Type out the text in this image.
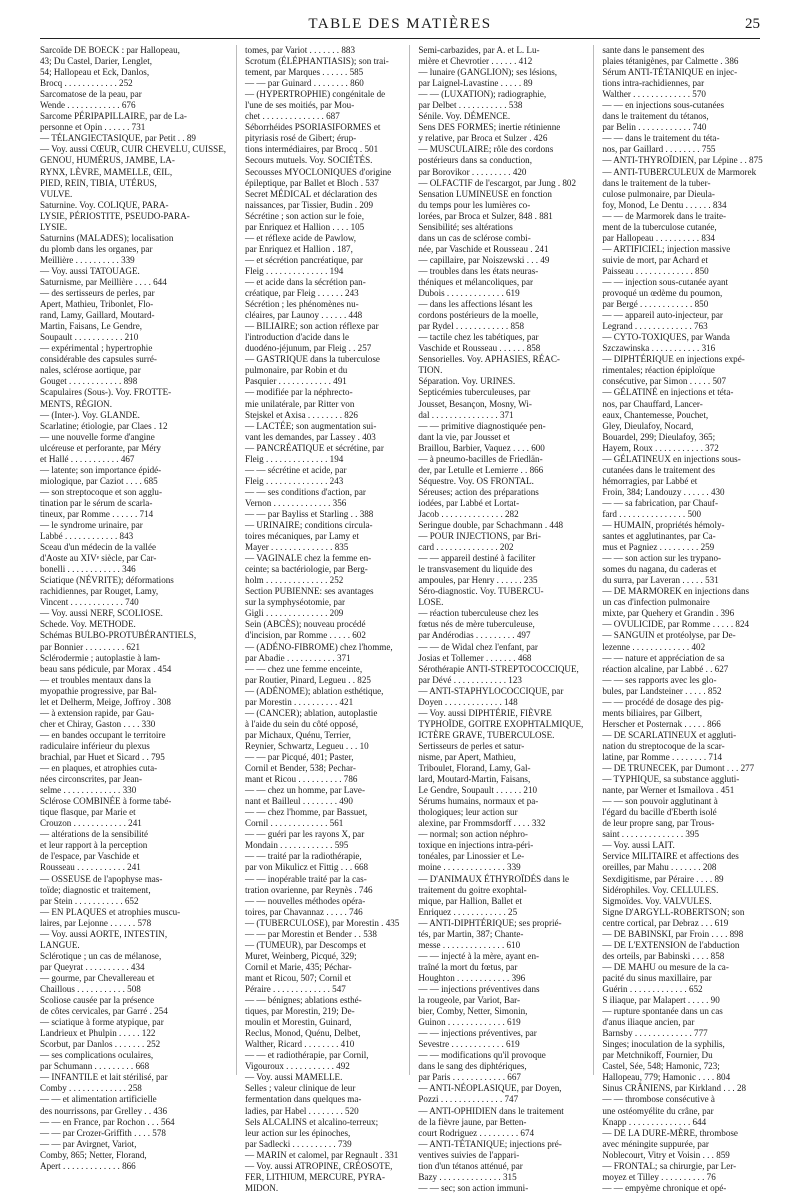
TABLE DES MATIÈRES	25
Sarcoïde DE BOECK : par Hallopeau,
43; Du Castel, Darier, Lenglet,
54; Hallopeau et Eck, Danlos,
Brocq . . . . . . . . . . . . 252
Sarcomatose de la peau, par
Wende . . . . . . . . . . . . 676
Sarcome PÉRIPAPILLAIRE, par de La-
personne et Opin . . . . . . 731
— TÉLANGIECTASIQUE, par Petit . . 89
— Voy. aussi CŒUR, CUIR CHEVELU, CUISSE,
GENOU, HUMÉRUS, JAMBE, LA-
RYNX, LÈVRE, MAMELLE, ŒIL,
PIED, REIN, TIBIA, UTÉRUS,
VULVE.
Saturnine. Voy. COLIQUE, PARA-
LYSIE, PÉRIOSTITE, PSEUDO-PARA-
LYSIE.
Saturnins (MALADES); localisation
du plomb dans les organes, par
Meillière . . . . . . . . . . 339
— Voy. aussi TATOUAGE.
Saturnisme, par Meillière . . . . 644
— des sertisseurs de perles, par
Apert, Mathieu, Tribonlet, Flo-
rand, Lamy, Gaillard, Moutard-
Martin, Faisans, Le Gendre,
Soupault . . . . . . . . . . . 210
— expérimental ; hypertrophie
considérable des capsules surré-
nales, sclérose aortique, par
Gouget . . . . . . . . . . . . 898
Scapulaires (Sous-). Voy. FROTTE-
MENTS, RÉGION.
— (Inter-). Voy. GLANDE.
Scarlatine; étiologie, par Claes . 12
— une nouvelle forme d'angine
ulcéreuse et perforante, par Méry
et Hallé . . . . . . . . . . . 467
— latente; son importance épidé-
miologique, par Caziot . . . . 685
— son streptocoque et son agglu-
tination par le sérum de scarla-
tineux, par Romme . . . . . . 714
— le syndrome urinaire, par
Labbé . . . . . . . . . . . . 843
Sceau d'un médecin de la vallée
d'Aoste au XIVᵉ siècle, par Car-
bonelli . . . . . . . . . . . . 346
Sciatique (NÉVRITE); déformations
rachidiennes, par Rouget, Lamy,
Vincent . . . . . . . . . . . . 740
— Voy. aussi NERF, SCOLIOSE.
Schede. Voy. METHODE.
Schémas BULBO-PROTUBÉRANTIELS,
par Bonnier . . . . . . . . . 621
Sclérodermie ; autoplastie à lam-
beau sans pédicule, par Morax . 454
— et troubles mentaux dans la
myopathie progressive, par Bal-
let et Delherm, Meige, Joffroy . 308
— à extension rapide, par Gau-
cher et Chiray, Gaston . . . . 330
— en bandes occupant le territoire
radiculaire inférieur du plexus
brachial, par Huet et Sicard . . 795
— en plaques, et atrophies cuta-
nées circonscrites, par Jean-
selme . . . . . . . . . . . . . 330
Sclérose COMBINÉE à forme tabé-
tique flasque, par Marie et
Crouzon . . . . . . . . . . . . 241
— altérations de la sensibilité
et leur rapport à la perception
de l'espace, par Vaschide et
Rousseau . . . . . . . . . . . 241
— OSSEUSE de l'apophyse mas-
toïde; diagnostic et traitement,
par Stein . . . . . . . . . . . 652
— EN PLAQUES et atrophies muscu-
laires, par Lejonne . . . . . . 578
— Voy. aussi AORTE, INTESTIN,
LANGUE.
Sclérotique ; un cas de mélanose,
par Queyrat . . . . . . . . . . 434
— gourme, par Chevallereau et
Chaillous . . . . . . . . . . . 508
Scoliose causée par la présence
de côtes cervicales, par Garré . 254
— sciatique à forme atypique, par
Landrieux et Phulpin . . . . . 122
Scorbut, par Danlos . . . . . . . 252
— ses complications oculaires,
par Schumann . . . . . . . . . 668
— INFANTILE et lait stérilisé, par
Comby . . . . . . . . . . . . . 258
— — et alimentation artificielle
des nourrissons, par Grelley . . 436
— — en France, par Rochon . . . 564
— — par Crozer-Griffith . . . . 578
— — par Avirgnet, Variot,
Comby, 865; Netter, Florand,
Apert . . . . . . . . . . . . . 866
tomes, par Variot . . . . . . . 883
Scrotum (ÉLÉPHANTIASIS); son trai-
tement, par Marques . . . . . . 585
— — par Guinard . . . . . . . . 860
— (HYPERTROPHIE) congénitale de
l'une de ses moitiés, par Mou-
chet . . . . . . . . . . . . . . 687
Séborrhéides PSORIASIFORMES et
pityriasis rosé de Gibert; érup-
tions intermédiaires, par Brocq . 501
Secours mutuels. Voy. SOCIÉTÉS.
Secousses MYOCLONIQUES d'origine
épileptique, par Ballet et Bloch . 537
Secret MÉDICAL et déclaration des
naissances, par Tissier, Budin . 209
Sécrétine ; son action sur le foie,
par Enriquez et Hallion . . . . 105
— et réflexe acide de Pawlow,
par Enriquez et Hallion . 187,
— et sécrétion pancréatique, par
Fleig . . . . . . . . . . . . . . 194
— et acide dans la sécrétion pan-
créatique, par Fleig . . . . . . 243
Sécrétion ; les phénomènes nu-
cléaires, par Launoy . . . . . . 448
— BILIAIRE; son action réflexe par
l'introduction d'acide dans le
duodéno-jéjunum, par Fleig . . 257
— GASTRIQUE dans la tuberculose
pulmonaire, par Robin et du
Pasquier . . . . . . . . . . . . 491
— modifiée par la néphrecto-
mie unilatérale, par Ritter von
Stejskel et Axisa . . . . . . . . 826
— LACTÉE; son augmentation sui-
vant les demandes, par Lassey . 403
— PANCRÉATIQUE et sécrétine, par
Fleig . . . . . . . . . . . . . . 194
— — sécrétine et acide, par
Fleig . . . . . . . . . . . . . . 243
— — ses conditions d'action, par
Vernon . . . . . . . . . . . . . 356
— — par Bayliss et Starling . . 388
— URINAIRE; conditions circula-
toires mécaniques, par Lamy et
Mayer . . . . . . . . . . . . . . 835
— VAGINALE chez la femme en-
ceinte; sa bactériologie, par Berg-
holm . . . . . . . . . . . . . . 252
Section PUBIENNE: ses avantages
sur la symphyséotomie, par
Gigli . . . . . . . . . . . . . . 209
Sein (ABCÈS); nouveau procédé
d'incision, par Romme . . . . . 602
— (ADÉNO-FIBROME) chez l'homme,
par Abadie . . . . . . . . . . . 371
— — chez une femme enceinte,
par Routier, Pinard, Legueu . . 825
— (ADÉNOME); ablation esthétique,
par Morestin . . . . . . . . . . 421
— (CANCER); ablation, autoplastie
à l'aide du sein du côté opposé,
par Michaux, Quénu, Terrier,
Reynier, Schwartz, Legueu . . . 10
— — par Picqué, 401; Paster,
Cornil et Bender, 538; Pechar-
mant et Ricou . . . . . . . . . . 786
— — chez un homme, par Lave-
nant et Bailleul . . . . . . . . 490
— — chez l'homme, par Bassuet,
Cornil . . . . . . . . . . . . . 561
— — guéri par les rayons X, par
Mondain . . . . . . . . . . . . 595
— — traité par la radiothérapie,
par von Mikulicz et Fittig . . . 668
— — inopérable traité par la cas-
tration ovarienne, par Reynès . 746
— — nouvelles méthodes opéra-
toires, par Chavannaz . . . . . 746
— (TUBERCULOSE), par Morestin . 435
— — par Morestin et Bender . . 538
— (TUMEUR), par Descomps et
Muret, Weinberg, Picqué, 329;
Cornil et Marie, 435; Péchar-
mant et Ricou, 507; Cornil et
Péraire . . . . . . . . . . . . . 547
— — bénignes; ablations esthé-
tiques, par Morestin, 219; De-
moulin et Morestin, Guinard,
Reclus, Monod, Quénu, Delbet,
Walther, Ricard . . . . . . . . 410
— — et radiothérapie, par Cornil,
Vigouroux . . . . . . . . . . . 492
— Voy. aussi MAMELLE.
Selles ; valeur clinique de leur
fermentation dans quelques ma-
ladies, par Habel . . . . . . . . 520
Sels ALCALINS et alcalino-terreux;
leur action sur les épinoches,
par Sadlecki . . . . . . . . . . 739
— MARIN et calomel, par Regnault . 331
— Voy. aussi ATROPINE, CRÉOSOTE,
FER, LITHIUM, MERCURE, PYRA-
MIDON.
Semi-carbazides, par A. et L. Lu-
mière et Chevrotier . . . . . . 412
— lunaire (GANGLION); ses lésions,
par Laignel-Lavastine . . . . . 89
— — (LUXATION); radiographie,
par Delbet . . . . . . . . . . . 538
Sénile. Voy. DÉMENCE.
Sens DES FORMES; inertie rétinienne
y relative, par Broca et Sulzer . 426
— MUSCULAIRE; rôle des cordons
postérieurs dans sa conduction,
par Borovikor . . . . . . . . . 420
— OLFACTIF de l'escargot, par Jung . 802
Sensation LUMINEUSE en fonction
du temps pour les lumières co-
lorées, par Broca et Sulzer, 848 . 881
Sensibilité; ses altérations
dans un cas de sclérose combi-
née, par Vaschide et Rousseau . 241
— capillaire, par Noiszewski . . . 49
— troubles dans les états neuras-
théniques et mélancoliques, par
Dubois . . . . . . . . . . . . . 619
— dans les affections lésant les
cordons postérieurs de la moelle,
par Rydel . . . . . . . . . . . . 858
— tactile chez les tabétiques, par
Vaschide et Rousseau . . . . . . 858
Sensorielles. Voy. APHASIES, RÉAC-
TION.
Séparation. Voy. URINES.
Septicémies tuberculeuses, par
Jousset, Besançon, Mosny, Wi-
dal . . . . . . . . . . . . . . . 371
— — primitive diagnostiquée pen-
dant la vie, par Jousset et
Braillou, Barbier, Vaquez . . . . 600
— à pneumo-bacilles de Friedlän-
der, par Letulle et Lemierre . . 866
Séquestre. Voy. OS FRONTAL.
Séreuses; action des préparations
iodées, par Labbé et Lortat-
Jacob . . . . . . . . . . . . . . 282
Seringue double, par Schachmann . 448
— POUR INJECTIONS, par Bri-
card . . . . . . . . . . . . . . 202
— — appareil destiné à faciliter
le transvasement du liquide des
ampoules, par Henry . . . . . . 235
Séro-diagnostic. Voy. TUBERCU-
LOSE.
— réaction tuberculeuse chez les
fœtus nés de mère tuberculeuse,
par Andérodias . . . . . . . . . 497
— — de Widal chez l'enfant, par
Josias et Tollemer . . . . . . . 468
Sérothérapie ANTI-STREPTOCOCCIQUE,
par Dévé . . . . . . . . . . . . 123
— ANTI-STAPHYLOCOCCIQUE, par
Doyen . . . . . . . . . . . . . 148
— Voy. aussi DIPHTÉRIE, FIÈVRE
TYPHOÏDE, GOITRE EXOPHTALMIQUE,
ICTÈRE GRAVE, TUBERCULOSE.
Sertisseurs de perles et satur-
nisme, par Apert, Mathieu,
Triboulet, Florand, Lamy, Gal-
lard, Moutard-Martin, Faisans,
Le Gendre, Soupault . . . . . . 210
Sérums humains, normaux et pa-
thologiques; leur action sur
alexine, par Frommsdorff . . . . 332
— normal; son action néphro-
toxique en injections intra-péri-
tonéales, par Linossier et Le-
moine . . . . . . . . . . . . . . 339
— D'ANIMAUX ÉTHYROÏDÉS dans le
traitement du goitre exophtal-
mique, par Hallion, Ballet et
Enriquez . . . . . . . . . . . . 25
— ANTI-DIPHTÉRIQUE; ses proprié-
tés, par Martin, 387; Chante-
messe . . . . . . . . . . . . . . 610
— — injecté à la mère, ayant en-
traîné la mort du fœtus, par
Houghton . . . . . . . . . . . . 396
— — injections préventives dans
la rougeole, par Variot, Bar-
bier, Comby, Netter, Simonin,
Guinon . . . . . . . . . . . . . 619
— — injections préventives, par
Sevestre . . . . . . . . . . . . 619
— — modifications qu'il provoque
dans le sang des diphtériques,
par Paris . . . . . . . . . . . . 667
— ANTI-NÉOPLASIQUE, par Doyen,
Pozzi . . . . . . . . . . . . . . 747
— ANTI-OPHIDIEN dans le traitement
de la fièvre jaune, par Betten-
court Rodriguez . . . . . . . . . 674
— ANTI-TÉTANIQUE; injections pré-
ventives suivies de l'appari-
tion d'un tétanos atténué, par
Bazy . . . . . . . . . . . . . . 315
— — sec; son action immuni-
sante dans le pansement des
plaies tétanigènes, par Calmette . 386
Sérum ANTI-TÉTANIQUE en injec-
tions intra-rachidiennes, par
Walther . . . . . . . . . . . . . 570
— — en injections sous-cutanées
dans le traitement du tétanos,
par Belin . . . . . . . . . . . . 740
— — dans le traitement du téta-
nos, par Gaillard . . . . . . . . 755
— ANTI-THYROÏDIEN, par Lépine . . 875
— ANTI-TUBERCULEUX de Marmorek
dans le traitement de la tuber-
culose pulmonaire, par Dieula-
foy, Monod, Le Dentu . . . . . . 834
— — de Marmorek dans le traite-
ment de la tuberculose cutanée,
par Hallopeau . . . . . . . . . . 834
— ARTIFICIEL; injection massive
suivie de mort, par Achard et
Paisseau . . . . . . . . . . . . . 850
— — injection sous-cutanée ayant
provoqué un œdème du poumon,
par Bergé . . . . . . . . . . . . 850
— — appareil auto-injecteur, par
Legrand . . . . . . . . . . . . . 763
— CYTO-TOXIQUES, par Wanda
Szczawinska . . . . . . . . . . . 316
— DIPHTÉRIQUE en injections expé-
rimentales; réaction épiploïque
consécutive, par Simon . . . . . 507
— GÉLATINÉ en injections et téta-
nos, par Chauffard, Lancer-
eaux, Chantemesse, Pouchet,
Gley, Dieulafoy, Nocard,
Bouardel, 299; Dieulafoy, 365;
Hayem, Roux . . . . . . . . . . . 372
— GÉLATINEUX en injections sous-
cutanées dans le traitement des
hémorragies, par Labbé et
Froin, 384; Landouzy . . . . . . 430
— — sa fabrication, par Chauf-
fard . . . . . . . . . . . . . . . 500
— HUMAIN, propriétés hémoly-
santes et agglutinantes, par Ca-
mus et Pagniez . . . . . . . . . 259
— — son action sur les trypano-
somes du nagana, du caderas et
du surra, par Laveran . . . . . 531
— DE MARMOREK en injections dans
un cas d'infection pulmonaire
mixte, par Quehery et Grandin . 396
— OVULICIDE, par Romme . . . . . 824
— SANGUIN et protéolyse, par De-
lezenne . . . . . . . . . . . . . 402
— — nature et appréciation de sa
réaction alcaline, par Labbé . . 627
— — ses rapports avec les glo-
bules, par Landsteiner . . . . . 852
— — procédé de dosage des pig-
ments biliaires, par Gilbert,
Herscher et Posternak . . . . . 866
— DE SCARLATINEUX et aggluti-
nation du streptocoque de la scar-
latine, par Romme . . . . . . . . 714
— DE TRUNECEK, par Dumont . . . 277
— TYPHIQUE, sa substance aggluti-
nante, par Werner et Ismailova . 451
— — son pouvoir agglutinant à
l'égard du bacille d'Eberth isolé
de leur propre sang, par Trous-
saint . . . . . . . . . . . . . . 395
— Voy. aussi LAIT.
Service MILITAIRE et affections des
oreilles, par Mahu . . . . . . . 208
Sexdigitisme, par Péraire . . . . 89
Sidérophiles. Voy. CELLULES.
Sigmoïdes. Voy. VALVULES.
Signe D'ARGYLL-ROBERTSON; son
centre cortical, par Debraz . . . 619
— DE BABINSKI, par Froin . . . . 898
— DE L'EXTENSION de l'abduction
des orteils, par Babinski . . . . 858
— DE MAHU ou mesure de la ca-
pacité du sinus maxillaire, par
Guérin . . . . . . . . . . . . . 652
S iliaque, par Malapert . . . . . 90
— rupture spontanée dans un cas
d'anus iliaque ancien, par
Barnsby . . . . . . . . . . . . . 777
Singes; inoculation de la syphilis,
par Metchnikoff, Fournier, Du
Castel, Sée, 548; Hamonic, 723;
Hallopeau, 779; Hamonic . . . . 804
Sinus CRÂNIENS, par Kirkland . . . 28
— — thrombose consécutive à
une ostéomyélite du crâne, par
Knapp . . . . . . . . . . . . . . 644
— DE LA DURE-MÈRE, thrombose
avec méningite suppurée, par
Noblecourt, Vitry et Voisin . . . 859
— FRONTAL; sa chirurgie, par Ler-
moyez et Tilley . . . . . . . . . . 76
— — empyème chronique et opé-
